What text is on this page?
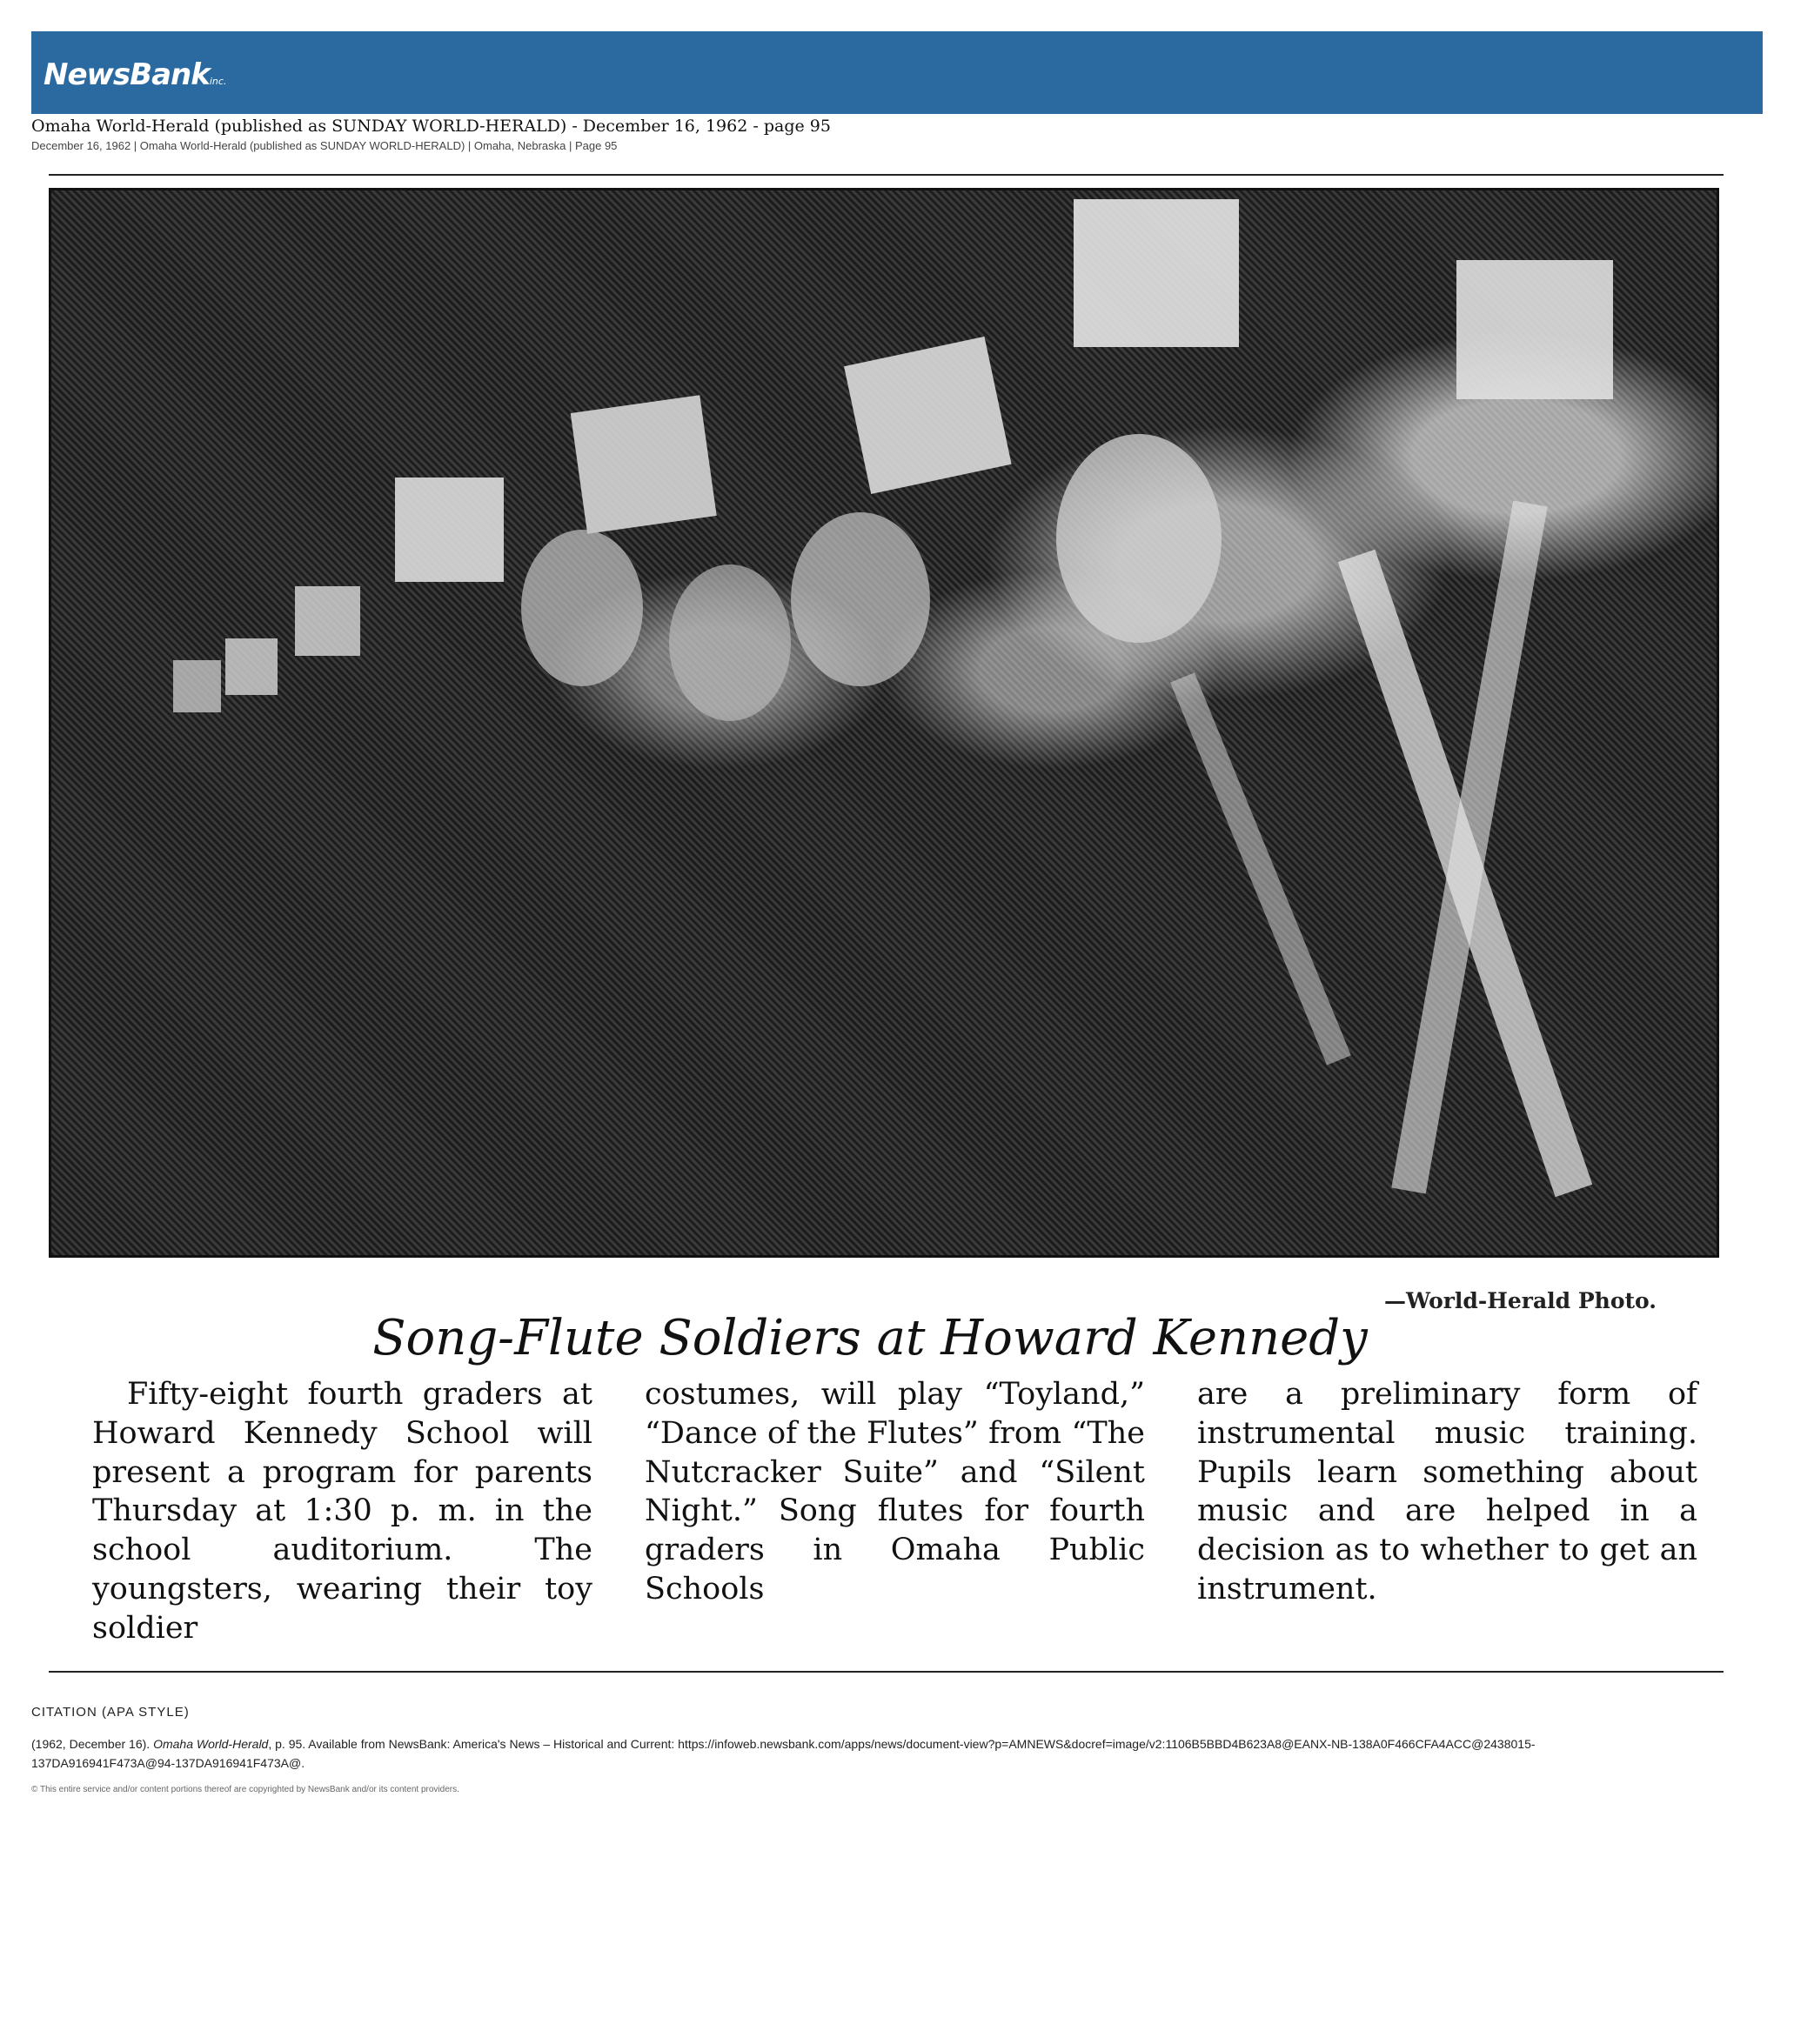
NewsBankinc.
Omaha World-Herald (published as SUNDAY WORLD-HERALD) - December 16, 1962 - page 95
December 16, 1962 | Omaha World-Herald (published as SUNDAY WORLD-HERALD) | Omaha, Nebraska | Page 95
—World-Herald Photo.
Song-Flute Soldiers at Howard Kennedy

Fifty-eight fourth graders at Howard Kennedy School will present a program for parents Thursday at 1:30 p. m. in the school auditorium. The youngsters, wearing their toy soldier

costumes, will play “Toyland,” “Dance of the Flutes” from “The Nutcracker Suite” and “Silent Night.” Song flutes for fourth graders in Omaha Public Schools

are a preliminary form of instrumental music training. Pupils learn something about music and are helped in a decision as to whether to get an instrument.

CITATION (APA STYLE)
(1962, December 16). Omaha World-Herald, p. 95. Available from NewsBank: America's News – Historical and Current: https://infoweb.newsbank.com/apps/news/document-view?p=AMNEWS&docref=image/v2:1106B5BBD4B623A8@EANX-NB-138A0F466CFA4ACC@2438015-137DA916941F473A@94-137DA916941F473A@.
© This entire service and/or content portions thereof are copyrighted by NewsBank and/or its content providers.
